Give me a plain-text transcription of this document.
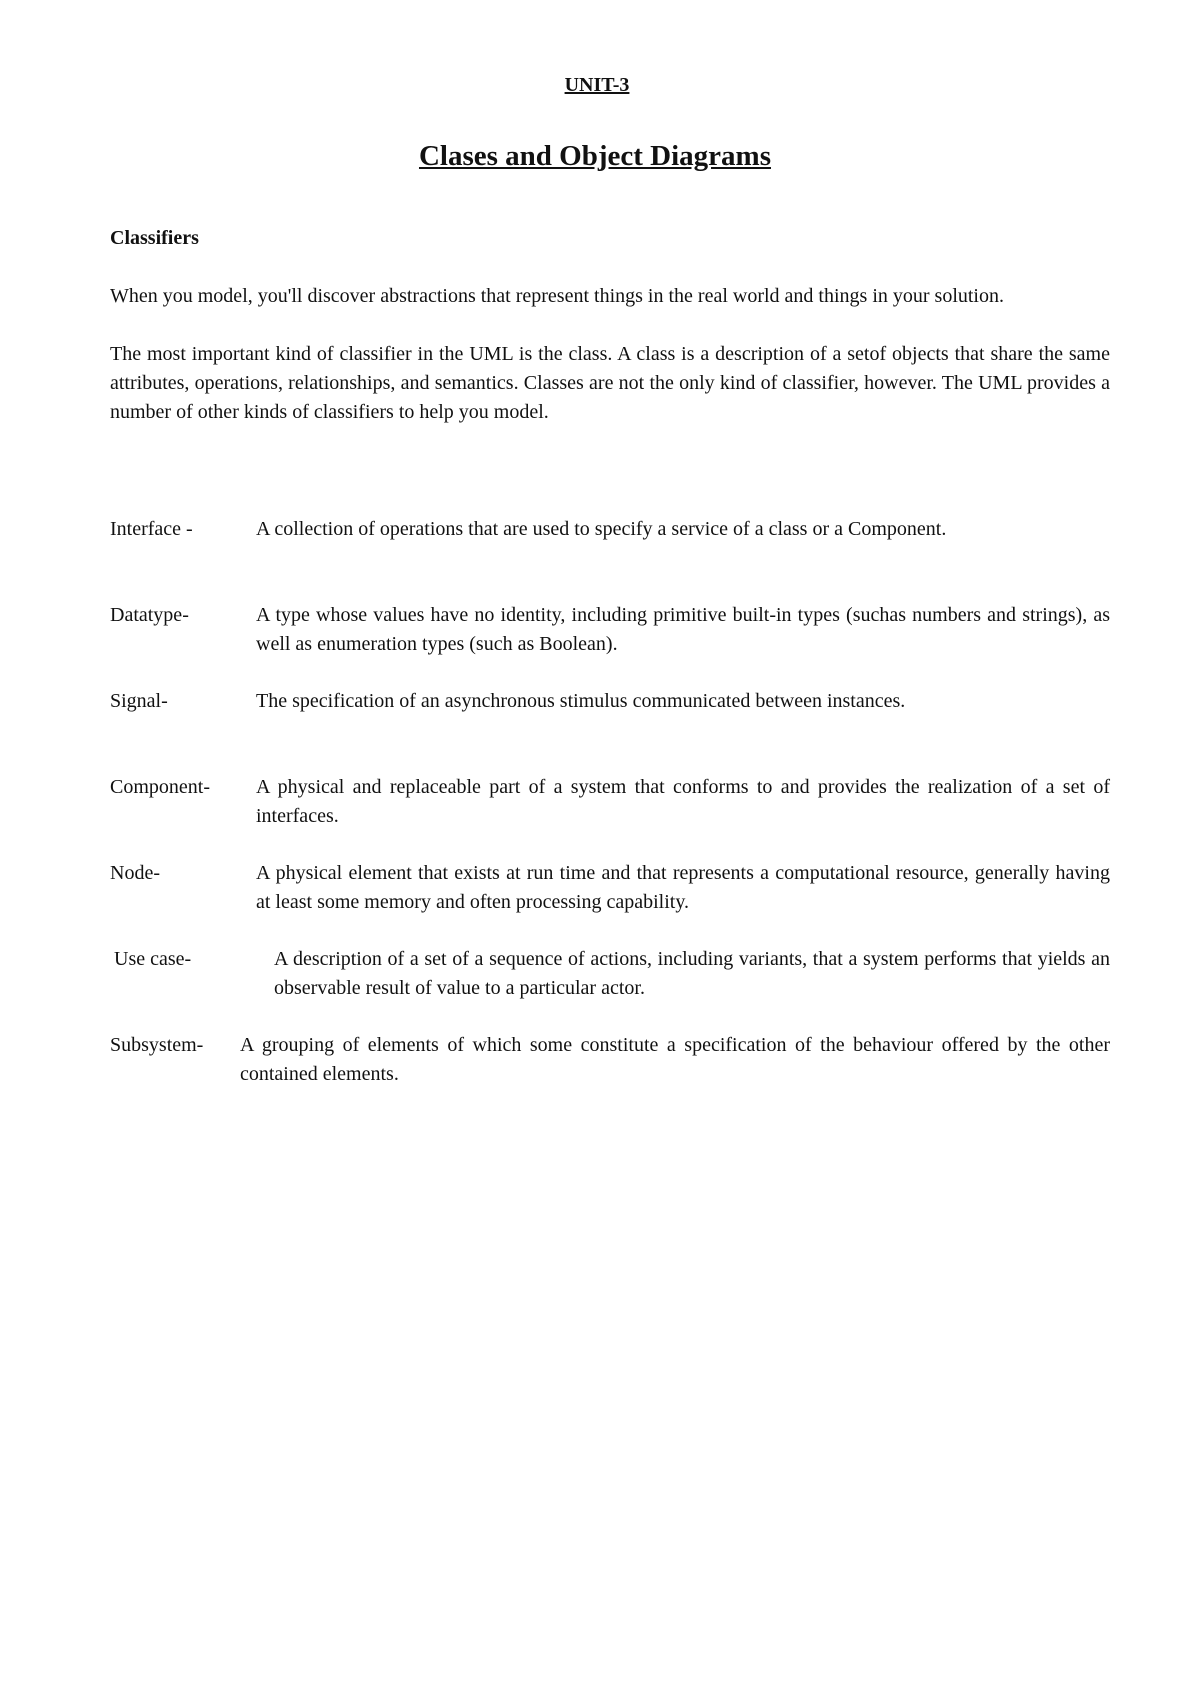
UNIT-3
Clases and Object Diagrams
Classifiers

When you model, you'll discover abstractions that represent things in the real world and things in your solution.

The most important kind of classifier in the UML is the class. A class is a description of a setof objects that share the same attributes, operations, relationships, and semantics. Classes are not the only kind of classifier, however. The UML provides a number of other kinds of classifiers to help you model.

Interface -	A collection of operations that are used to specify a service of a class or a Component.
Datatype-	A type whose values have no identity, including primitive built-in types (suchas numbers and strings), as well as enumeration types (such as Boolean).
Signal-	The specification of an asynchronous stimulus communicated between instances.
Component-	A physical and replaceable part of a system that conforms to and provides the realization of a set of interfaces.
Node-	A physical element that exists at run time and that represents a computational resource, generally having at least some memory and often processing capability.
Use case-	A description of a set of a sequence of actions, including variants, that a system performs that yields an observable result of value to a particular actor.
Subsystem-	A grouping of elements of which some constitute a specification of the behaviour offered by the other contained elements.
